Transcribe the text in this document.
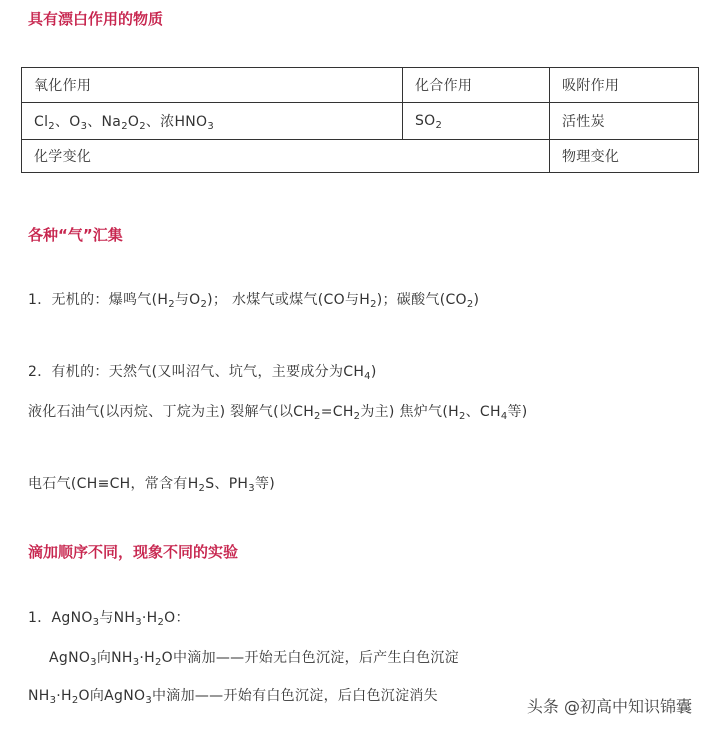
具有漂白作用的物质
氧化作用	化合作用	吸附作用
$Cl_2$、$O_3$、$Na_2O_2$、浓$HNO_3$	$SO_2$	活性炭
化学变化		物理变化
各种“气”汇集

1．无机的：爆鸣气($H_2$与$O_2$)； 水煤气或煤气(CO与$H_2$)；碳酸气$(CO_2)$

2．有机的：天然气(又叫沼气、坑气，主要成分为$CH_4$)

液化石油气(以丙烷、丁烷为主) 裂解气(以$CH_2=CH_2$为主) 焦炉气($H_2$、$CH_4$等)

电石气(CH≡CH，常含有$H_2S$、$PH_3$等)

滴加顺序不同，现象不同的实验

1．AgNO$_3$与$NH_3\cdot H_2O$：

AgNO$_3$向$NH_3\cdot H_2O$中滴加——开始无白色沉淀，后产生白色沉淀

$NH_3\cdot H_2O$向AgNO$_3$中滴加——开始有白色沉淀，后白色沉淀消失

头条 @初高中知识锦囊
